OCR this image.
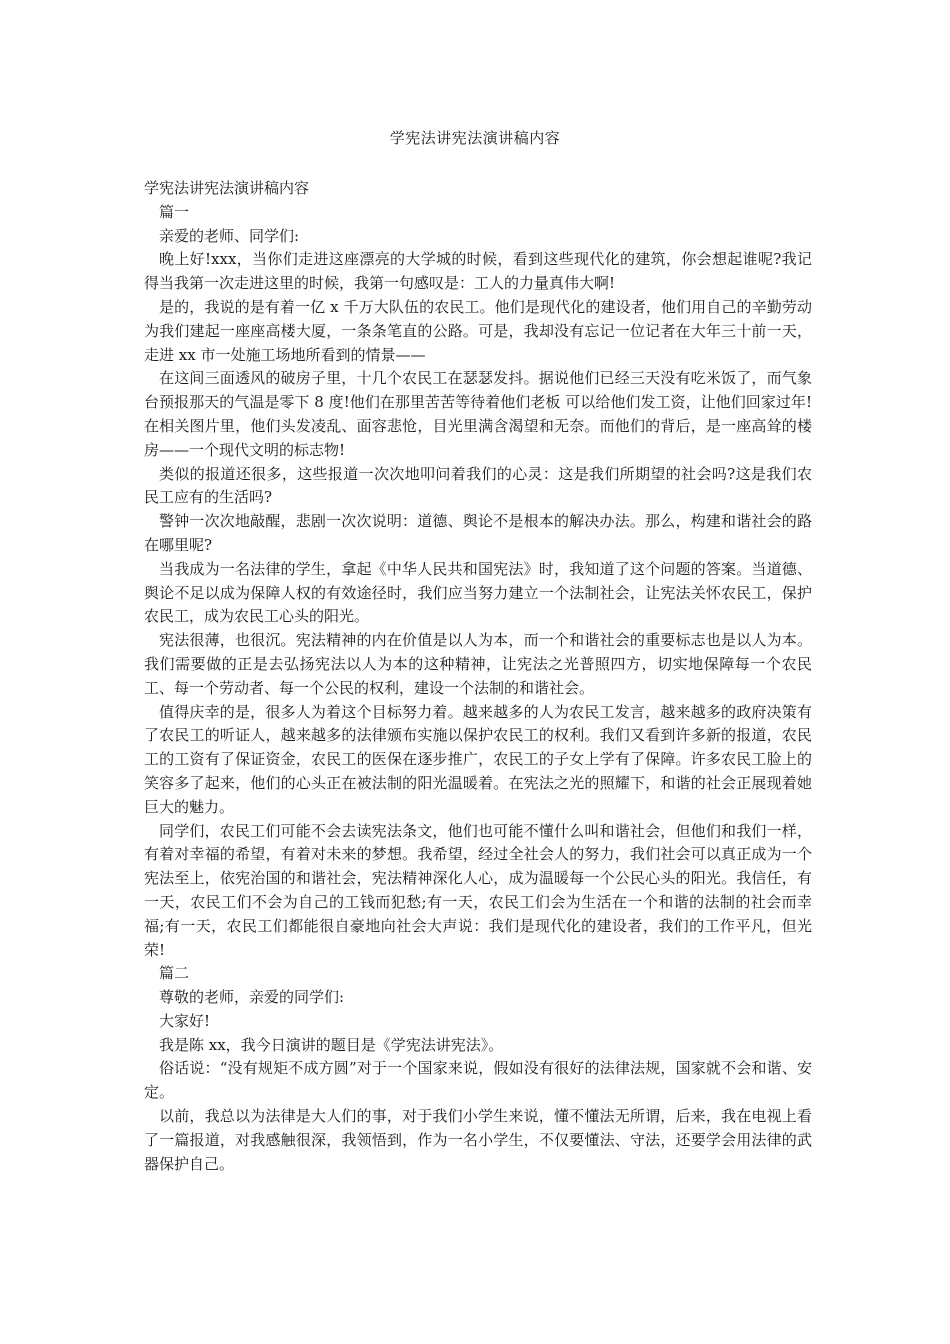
学宪法讲宪法演讲稿内容

学宪法讲宪法演讲稿内容

篇一

亲爱的老师、同学们:

晚上好!xxx，当你们走进这座漂亮的大学城的时候，看到这些现代化的建筑，你会想起谁呢?我记得当我第一次走进这里的时候，我第一句感叹是：工人的力量真伟大啊!

是的，我说的是有着一亿 x 千万大队伍的农民工。他们是现代化的建设者，他们用自己的辛勤劳动为我们建起一座座高楼大厦，一条条笔直的公路。可是，我却没有忘记一位记者在大年三十前一天，走进 xx 市一处施工场地所看到的情景——

在这间三面透风的破房子里，十几个农民工在瑟瑟发抖。据说他们已经三天没有吃米饭了，而气象台预报那天的气温是零下 8 度!他们在那里苦苦等待着他们老板 可以给他们发工资，让他们回家过年!在相关图片里，他们头发凌乱、面容悲怆，目光里满含渴望和无奈。而他们的背后，是一座高耸的楼房——一个现代文明的标志物!

类似的报道还很多，这些报道一次次地叩问着我们的心灵：这是我们所期望的社会吗?这是我们农民工应有的生活吗?

警钟一次次地敲醒，悲剧一次次说明：道德、舆论不是根本的解决办法。那么，构建和谐社会的路在哪里呢?

当我成为一名法律的学生，拿起《中华人民共和国宪法》时，我知道了这个问题的答案。当道德、舆论不足以成为保障人权的有效途径时，我们应当努力建立一个法制社会，让宪法关怀农民工，保护农民工，成为农民工心头的阳光。

宪法很薄，也很沉。宪法精神的内在价值是以人为本，而一个和谐社会的重要标志也是以人为本。我们需要做的正是去弘扬宪法以人为本的这种精神，让宪法之光普照四方，切实地保障每一个农民工、每一个劳动者、每一个公民的权利，建设一个法制的和谐社会。

值得庆幸的是，很多人为着这个目标努力着。越来越多的人为农民工发言，越来越多的政府决策有了农民工的听证人，越来越多的法律颁布实施以保护农民工的权利。我们又看到许多新的报道，农民工的工资有了保证资金，农民工的医保在逐步推广，农民工的子女上学有了保障。许多农民工脸上的笑容多了起来，他们的心头正在被法制的阳光温暖着。在宪法之光的照耀下，和谐的社会正展现着她巨大的魅力。

同学们，农民工们可能不会去读宪法条文，他们也可能不懂什么叫和谐社会，但他们和我们一样，有着对幸福的希望，有着对未来的梦想。我希望，经过全社会人的努力，我们社会可以真正成为一个宪法至上，依宪治国的和谐社会，宪法精神深化人心，成为温暖每一个公民心头的阳光。我信任，有一天，农民工们不会为自己的工钱而犯愁;有一天，农民工们会为生活在一个和谐的法制的社会而幸福;有一天，农民工们都能很自豪地向社会大声说：我们是现代化的建设者，我们的工作平凡，但光荣!

篇二

尊敬的老师，亲爱的同学们:

大家好!

我是陈 xx，我今日演讲的题目是《学宪法讲宪法》。

俗话说：“没有规矩不成方圆”对于一个国家来说，假如没有很好的法律法规，国家就不会和谐、安定。

以前，我总以为法律是大人们的事，对于我们小学生来说，懂不懂法无所谓，后来，我在电视上看了一篇报道，对我感触很深，我领悟到，作为一名小学生，不仅要懂法、守法，还要学会用法律的武器保护自己。
